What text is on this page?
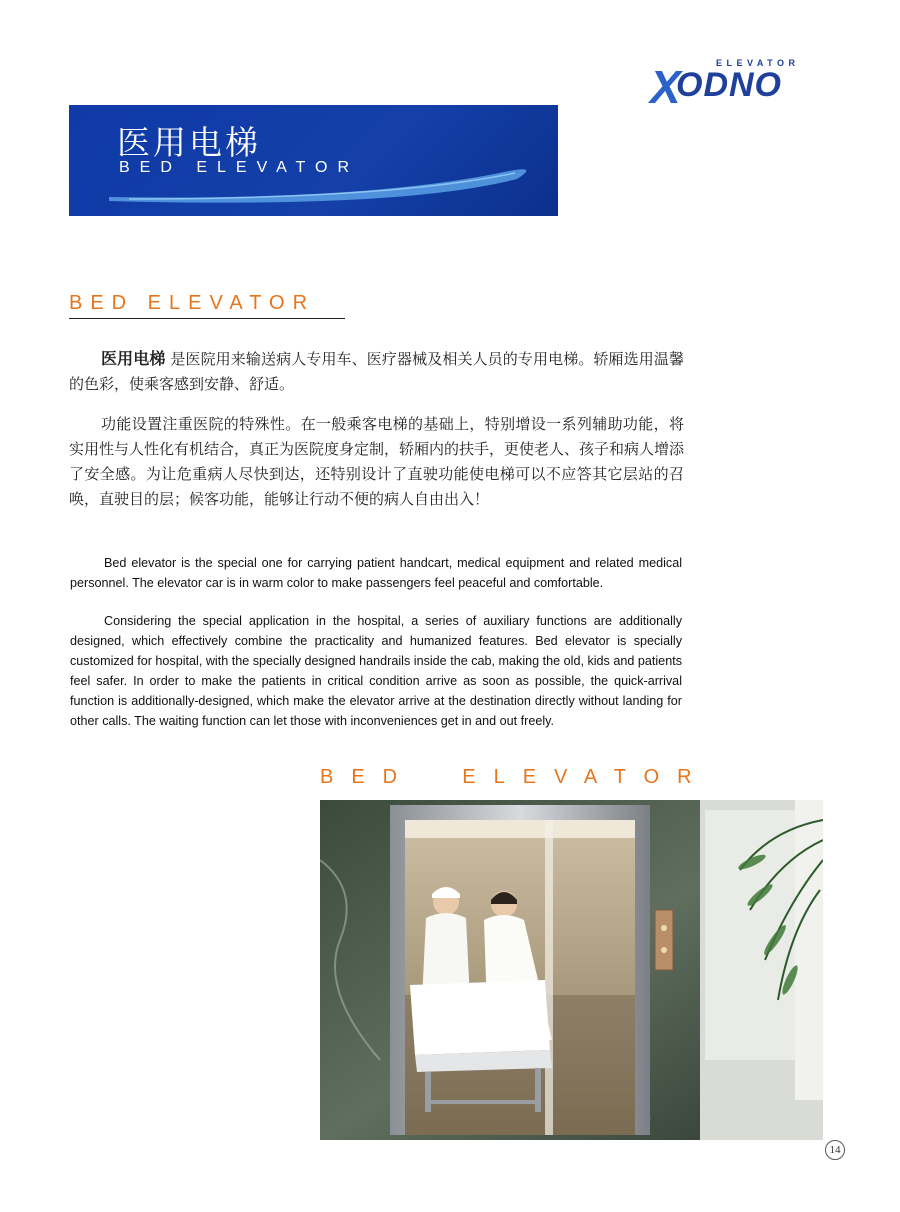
X	ELEVATOR
ODNO
医用电梯
BED ELEVATOR
BED ELEVATOR

医用电梯 是医院用来输送病人专用车、医疗器械及相关人员的专用电梯。轿厢选用温馨的色彩，使乘客感到安静、舒适。

功能设置注重医院的特殊性。在一般乘客电梯的基础上，特别增设一系列辅助功能，将实用性与人性化有机结合，真正为医院度身定制，轿厢内的扶手，更使老人、孩子和病人增添了安全感。为让危重病人尽快到达，还特别设计了直驶功能使电梯可以不应答其它层站的召唤，直驶目的层；候客功能，能够让行动不便的病人自由出入！

Bed elevator is the special one for carrying patient handcart, medical equipment and related medical personnel. The elevator car is in warm color to make passengers feel peaceful and comfortable.

Considering the special application in the hospital, a series of auxiliary functions are additionally designed, which effectively combine the practicality and humanized features. Bed elevator is specially customized for hospital, with the specially designed handrails inside the cab, making the old, kids and patients feel safer. In order to make the patients in critical condition arrive as soon as possible, the quick-arrival function is additionally-designed, which make the elevator arrive at the destination directly without landing for other calls. The waiting function can let those with inconveniences get in and out freely.

BED  ELEVATOR
14
